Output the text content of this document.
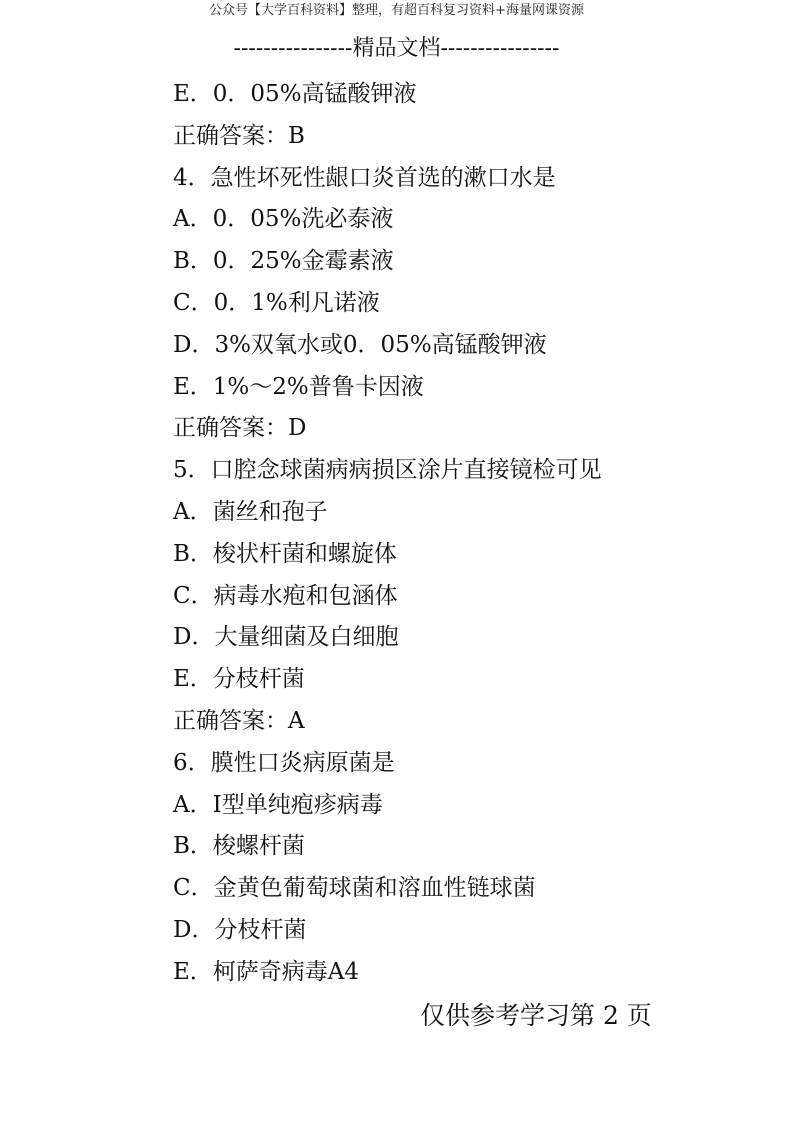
公众号【大学百科资料】整理，有超百科复习资料+海量网课资源
----------------精品文档----------------
E．0．05%高锰酸钾液
正确答案：B
4．急性坏死性龈口炎首选的漱口水是
A．0．05%洗必泰液
B．0．25%金霉素液
C．0．1%利凡诺液
D．3%双氧水或0．05%高锰酸钾液
E．1%～2%普鲁卡因液
正确答案：D
5．口腔念球菌病病损区涂片直接镜检可见
A．菌丝和孢子
B．梭状杆菌和螺旋体
C．病毒水疱和包涵体
D．大量细菌及白细胞
E．分枝杆菌
正确答案：A
6．膜性口炎病原菌是
A．Ⅰ型单纯疱疹病毒
B．梭螺杆菌
C．金黄色葡萄球菌和溶血性链球菌
D．分枝杆菌
E．柯萨奇病毒A4
仅供参考学习第 2 页
